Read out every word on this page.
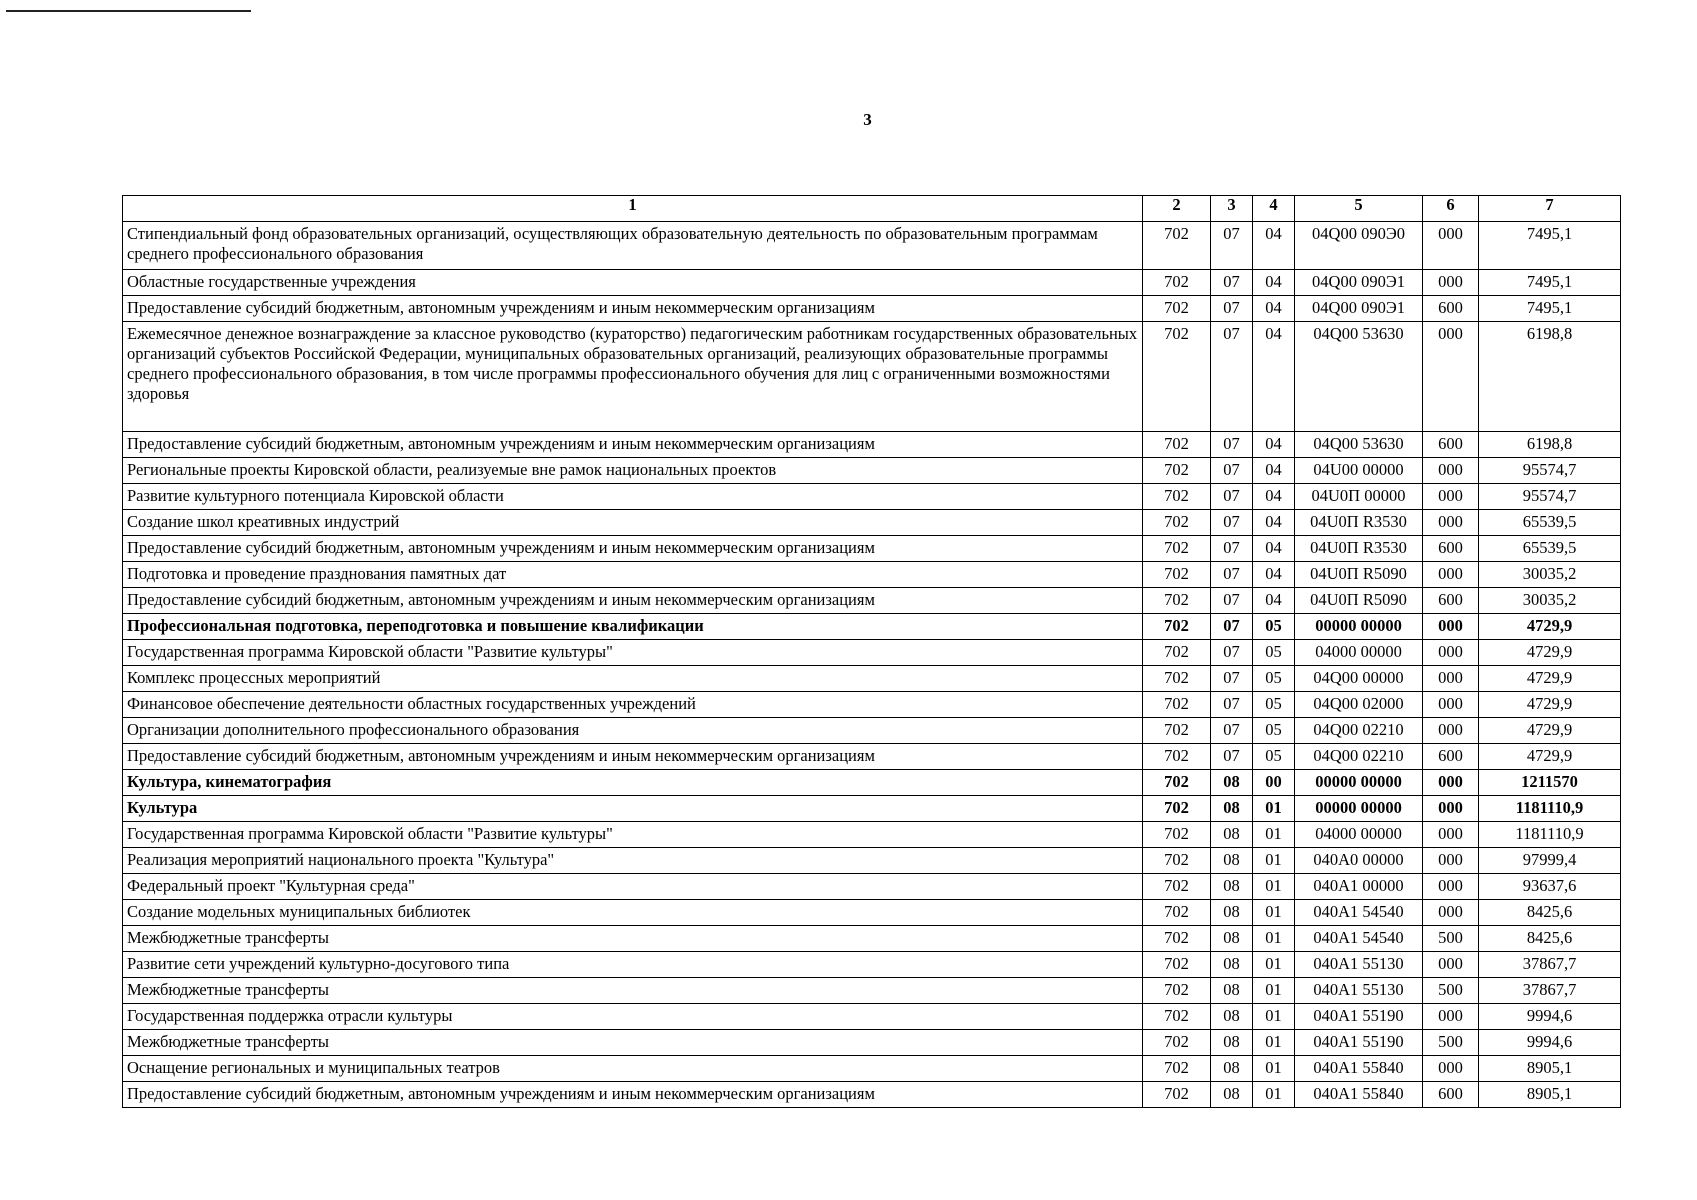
3
1	2	3	4	5	6	7
Стипендиальный фонд образовательных организаций, осуществляющих образовательную деятельность по образовательным программам среднего профессионального образования	702	07	04	04Q00 090Э0	000	7495,1
Областные государственные учреждения	702	07	04	04Q00 090Э1	000	7495,1
Предоставление субсидий бюджетным, автономным учреждениям и иным некоммерческим организациям	702	07	04	04Q00 090Э1	600	7495,1
Ежемесячное денежное вознаграждение за классное руководство (кураторство) педагогическим работникам государственных образовательных организаций субъектов Российской Федерации, муниципальных образовательных организаций, реализующих образовательные программы среднего профессионального образования, в том числе программы профессионального обучения для лиц с ограниченными возможностями здоровья	702	07	04	04Q00 53630	000	6198,8
Предоставление субсидий бюджетным, автономным учреждениям и иным некоммерческим организациям	702	07	04	04Q00 53630	600	6198,8
Региональные проекты Кировской области, реализуемые вне рамок национальных проектов	702	07	04	04U00 00000	000	95574,7
Развитие культурного потенциала Кировской области	702	07	04	04U0П 00000	000	95574,7
Создание школ креативных индустрий	702	07	04	04U0П R3530	000	65539,5
Предоставление субсидий бюджетным, автономным учреждениям и иным некоммерческим организациям	702	07	04	04U0П R3530	600	65539,5
Подготовка и проведение празднования памятных дат	702	07	04	04U0П R5090	000	30035,2
Предоставление субсидий бюджетным, автономным учреждениям и иным некоммерческим организациям	702	07	04	04U0П R5090	600	30035,2
Профессиональная подготовка, переподготовка и повышение квалификации	702	07	05	00000 00000	000	4729,9
Государственная программа Кировской области "Развитие культуры"	702	07	05	04000 00000	000	4729,9
Комплекс процессных мероприятий	702	07	05	04Q00 00000	000	4729,9
Финансовое обеспечение деятельности областных государственных учреждений	702	07	05	04Q00 02000	000	4729,9
Организации дополнительного профессионального образования	702	07	05	04Q00 02210	000	4729,9
Предоставление субсидий бюджетным, автономным учреждениям и иным некоммерческим организациям	702	07	05	04Q00 02210	600	4729,9
Культура, кинематография	702	08	00	00000 00000	000	1211570
Культура	702	08	01	00000 00000	000	1181110,9
Государственная программа Кировской области "Развитие культуры"	702	08	01	04000 00000	000	1181110,9
Реализация мероприятий национального проекта "Культура"	702	08	01	040A0 00000	000	97999,4
Федеральный проект "Культурная среда"	702	08	01	040A1 00000	000	93637,6
Создание модельных муниципальных библиотек	702	08	01	040A1 54540	000	8425,6
Межбюджетные трансферты	702	08	01	040A1 54540	500	8425,6
Развитие сети учреждений культурно-досугового типа	702	08	01	040A1 55130	000	37867,7
Межбюджетные трансферты	702	08	01	040A1 55130	500	37867,7
Государственная поддержка отрасли культуры	702	08	01	040A1 55190	000	9994,6
Межбюджетные трансферты	702	08	01	040A1 55190	500	9994,6
Оснащение региональных и муниципальных театров	702	08	01	040A1 55840	000	8905,1
Предоставление субсидий бюджетным, автономным учреждениям и иным некоммерческим организациям	702	08	01	040A1 55840	600	8905,1
